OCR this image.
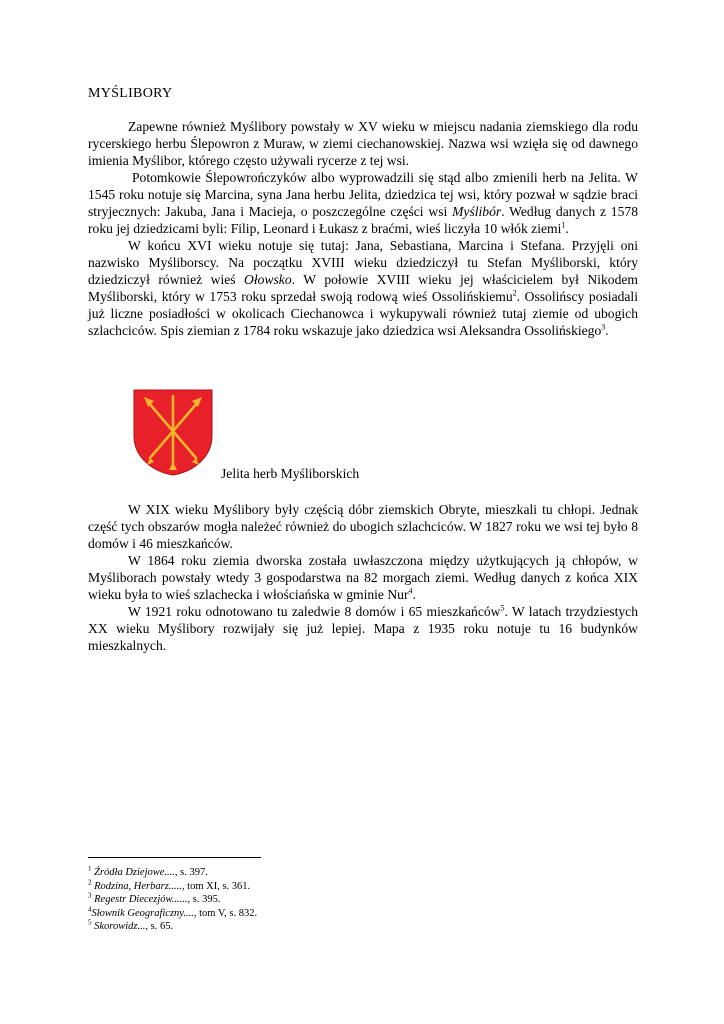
MYŚLIBORY

Zapewne również Myślibory powstały w XV wieku w miejscu nadania ziemskiego dla rodu rycerskiego herbu Ślepowron z Muraw, w ziemi ciechanowskiej. Nazwa wsi wzięła się od dawnego imienia Myślibor, którego często używali rycerze z tej wsi.

Potomkowie Ślepowrończyków albo wyprowadzili się stąd albo zmienili herb na Jelita. W 1545 roku notuje się Marcina, syna Jana herbu Jelita, dziedzica tej wsi, który pozwał w sądzie braci stryjecznych: Jakuba, Jana i Macieja, o poszczególne części wsi Myślibór. Według danych z 1578 roku jej dziedzicami byli: Filip, Leonard i Łukasz z braćmi, wieś liczyła 10 włók ziemi$^1$.

W końcu XVI wieku notuje się tutaj: Jana, Sebastiana, Marcina i Stefana. Przyjęli oni nazwisko Myśliborscy. Na początku XVIII wieku dziedziczył tu Stefan Myśliborski, który dziedziczył również wieś Ołowsko. W połowie XVIII wieku jej właścicielem był Nikodem Myśliborski, który w 1753 roku sprzedał swoją rodową wieś Ossolińskiemu$^2$. Ossolińscy posiadali już liczne posiadłości w okolicach Ciechanowca i wykupywali również tutaj ziemie od ubogich szlachciców. Spis ziemian z 1784 roku wskazuje jako dziedzica wsi Aleksandra Ossolińskiego$^3$.

Jelita herb Myśliborskich

W XIX wieku Myślibory były częścią dóbr ziemskich Obryte, mieszkali tu chłopi. Jednak część tych obszarów mogła należeć również do ubogich szlachciców. W 1827 roku we wsi tej było 8 domów i 46 mieszkańców.

W 1864 roku ziemia dworska została uwłaszczona między użytkujących ją chłopów, w Myśliborach powstały wtedy 3 gospodarstwa na 82 morgach ziemi. Według danych z końca XIX wieku była to wieś szlachecka i włościańska w gminie Nur$^4$.

W 1921 roku odnotowano tu zaledwie 8 domów i 65 mieszkańców$^5$. W latach trzydziestych XX wieku Myślibory rozwijały się już lepiej. Mapa z 1935 roku notuje tu 16 budynków mieszkalnych.

$^1$ Źródła Dziejowe...., s. 397.
$^2$ Rodzina, Herbarz....., tom XI, s. 361.
$^3$ Regestr Diecezjów......, s. 395.
$^4$Słownik Geograficzny...., tom V, s. 832.
$^5$ Skorowidz..., s. 65.
